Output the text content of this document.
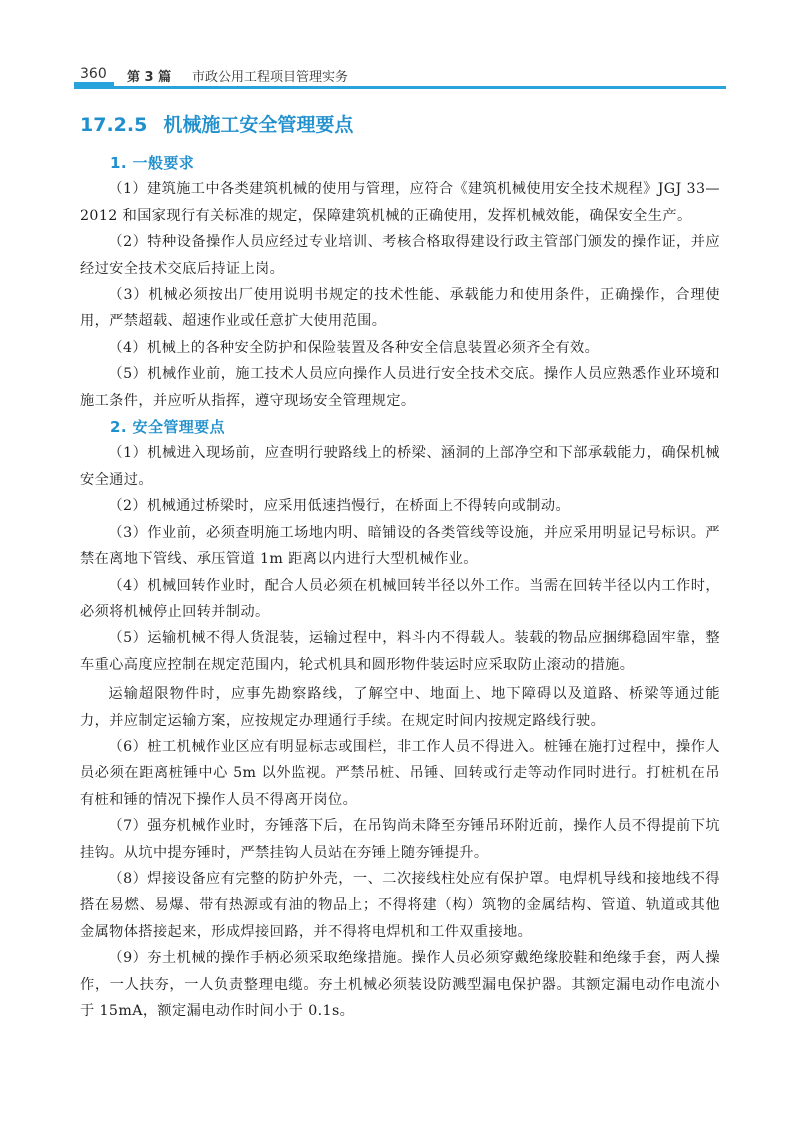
360 第 3 篇 市政公用工程项目管理实务
17.2.5 机械施工安全管理要点
1. 一般要求

（1）建筑施工中各类建筑机械的使用与管理，应符合《建筑机械使用安全技术规程》JGJ 33—2012 和国家现行有关标准的规定，保障建筑机械的正确使用，发挥机械效能，确保安全生产。

（2）特种设备操作人员应经过专业培训、考核合格取得建设行政主管部门颁发的操作证，并应经过安全技术交底后持证上岗。

（3）机械必须按出厂使用说明书规定的技术性能、承载能力和使用条件，正确操作，合理使用，严禁超载、超速作业或任意扩大使用范围。

（4）机械上的各种安全防护和保险装置及各种安全信息装置必须齐全有效。

（5）机械作业前，施工技术人员应向操作人员进行安全技术交底。操作人员应熟悉作业环境和施工条件，并应听从指挥，遵守现场安全管理规定。

2. 安全管理要点

（1）机械进入现场前，应查明行驶路线上的桥梁、涵洞的上部净空和下部承载能力，确保机械安全通过。

（2）机械通过桥梁时，应采用低速挡慢行，在桥面上不得转向或制动。

（3）作业前，必须查明施工场地内明、暗铺设的各类管线等设施，并应采用明显记号标识。严禁在离地下管线、承压管道 1m 距离以内进行大型机械作业。

（4）机械回转作业时，配合人员必须在机械回转半径以外工作。当需在回转半径以内工作时，必须将机械停止回转并制动。

（5）运输机械不得人货混装，运输过程中，料斗内不得载人。装载的物品应捆绑稳固牢靠，整车重心高度应控制在规定范围内，轮式机具和圆形物件装运时应采取防止滚动的措施。

运输超限物件时，应事先勘察路线，了解空中、地面上、地下障碍以及道路、桥梁等通过能力，并应制定运输方案，应按规定办理通行手续。在规定时间内按规定路线行驶。

（6）桩工机械作业区应有明显标志或围栏，非工作人员不得进入。桩锤在施打过程中，操作人员必须在距离桩锤中心 5m 以外监视。严禁吊桩、吊锤、回转或行走等动作同时进行。打桩机在吊有桩和锤的情况下操作人员不得离开岗位。

（7）强夯机械作业时，夯锤落下后，在吊钩尚未降至夯锤吊环附近前，操作人员不得提前下坑挂钩。从坑中提夯锤时，严禁挂钩人员站在夯锤上随夯锤提升。

（8）焊接设备应有完整的防护外壳，一、二次接线柱处应有保护罩。电焊机导线和接地线不得搭在易燃、易爆、带有热源或有油的物品上；不得将建（构）筑物的金属结构、管道、轨道或其他金属物体搭接起来，形成焊接回路，并不得将电焊机和工件双重接地。

（9）夯土机械的操作手柄必须采取绝缘措施。操作人员必须穿戴绝缘胶鞋和绝缘手套，两人操作，一人扶夯，一人负责整理电缆。夯土机械必须装设防溅型漏电保护器。其额定漏电动作电流小于 15mA，额定漏电动作时间小于 0.1s。
